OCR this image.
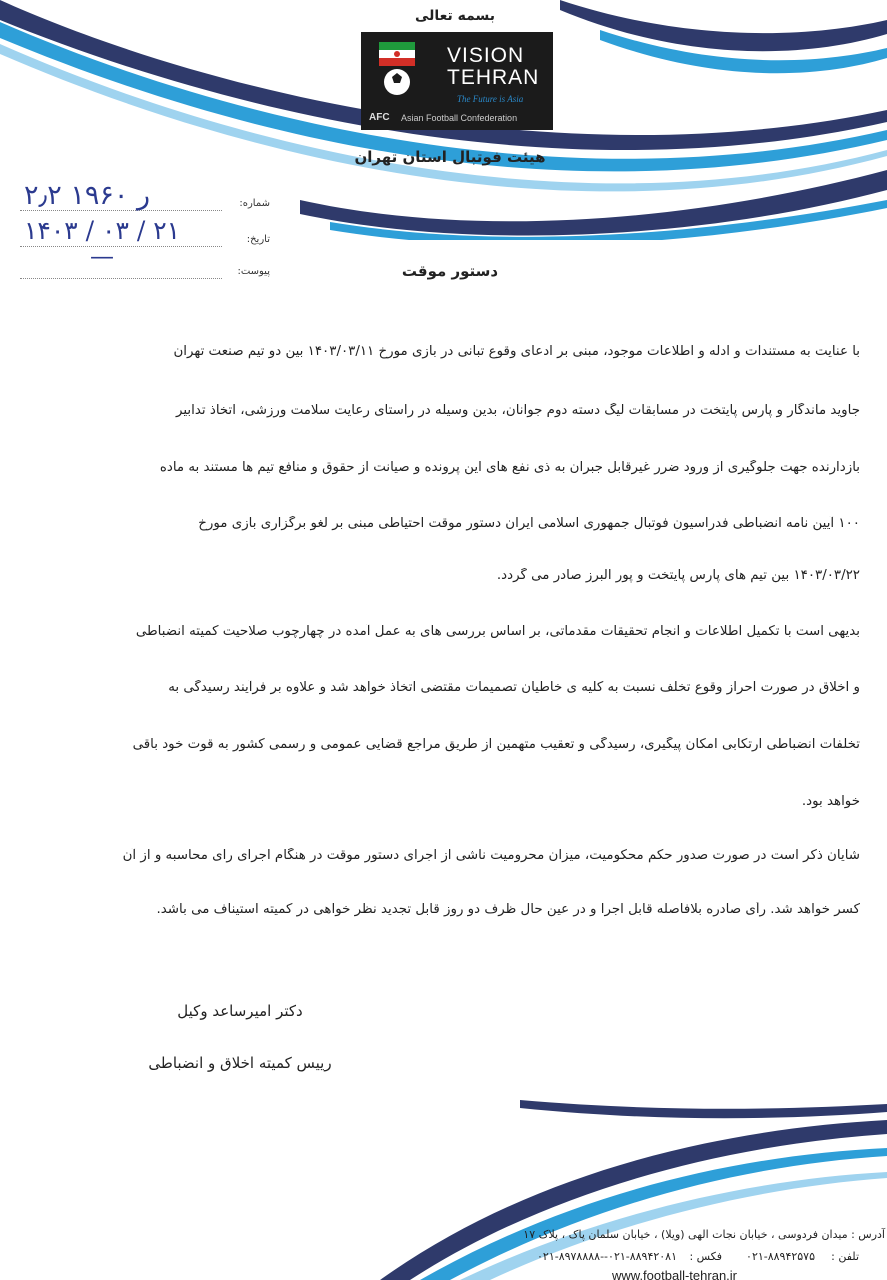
بسمه تعالی
VISION
TEHRAN
The Future is Asia
AFC Asian Football Confederation
هیئت فوتبال استان تهران
شماره:
۲٫۲ ر ۱۹۶۰
تاریخ:
۱۴۰۳ / ۰۳ / ۲۱
پیوست:
—
دستور موقت
با عنایت به مستندات و ادله و اطلاعات موجود، مبنی بر ادعای وقوع تبانی در بازی مورخ ۱۴۰۳/۰۳/۱۱ بین دو تیم صنعت تهران
جاوید ماندگار و پارس پایتخت در مسابقات لیگ دسته دوم جوانان، بدین وسیله در راستای رعایت سلامت ورزشی، اتخاذ تدابیر
بازدارنده جهت جلوگیری از ورود ضرر غیرقابل جبران به ذی نفع های این پرونده و صیانت از حقوق و منافع تیم ها مستند به ماده
۱۰۰ آیین نامه انضباطی فدراسیون فوتبال جمهوری اسلامی ایران دستور موقت احتیاطی مبنی بر لغو برگزاری بازی مورخ
۱۴۰۳/۰۳/۲۲ بین تیم های پارس پایتخت و پور البرز صادر می گردد.
بدیهی است با تکمیل اطلاعات و انجام تحقیقات مقدماتی، بر اساس بررسی های به عمل آمده در چهارچوب صلاحیت کمیته انضباطی
و اخلاق در صورت احراز وقوع تخلف نسبت به کلیه ی خاطیان تصمیمات مقتضی اتخاذ خواهد شد و علاوه بر فرآیند رسیدگی به
تخلفات انضباطی ارتکابی امکان پیگیری، رسیدگی و تعقیب متهمین از طریق مراجع قضایی عمومی و رسمی کشور به قوت خود باقی
خواهد بود.
شایان ذکر است در صورت صدور حکم محکومیت، میزان محرومیت ناشی از اجرای دستور موقت در هنگام اجرای رای محاسبه و از آن
کسر خواهد شد. رأی صادره بلافاصله قابل اجرا و در عین حال ظرف دو روز قابل تجدید نظر خواهی در کمیته استیناف می باشد.
دکتر امیرساعد وکیل
رییس کمیته اخلاق و انضباطی
آدرس : میدان فردوسی ، خیابان نجات الهی (ویلا) ، خیابان سلمان پاک ، پلاک ۱۷
تلفن :
۰۲۱-۸۸۹۴۲۵۷۵
فکس :
۰۲۱-۸۸۹۴۲۰۸۱--۰۲۱-۸۹۷۸۸۸۸
www.football-tehran.ir
